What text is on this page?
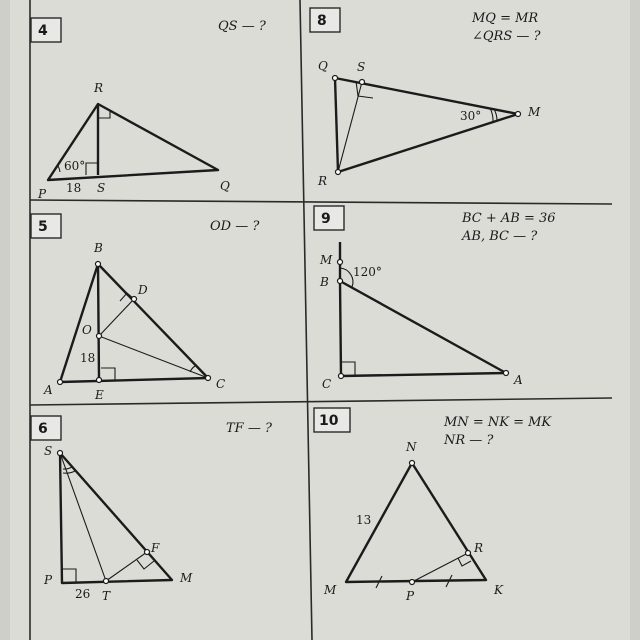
4	QS — ?
R
P	S	Q
60°
18
8	MQ = MR
∠QRS — ?
Q S
M
R
30°
5	OD — ?
B
D
O
A	E
C
18
9	BC + AB = 36
AB, BC — ?
M
B
C	A
120°
6	TF — ?
S
F
P
T
M
26
10	MN = NK = MK
NR — ?
N
M	P	K
R
13
